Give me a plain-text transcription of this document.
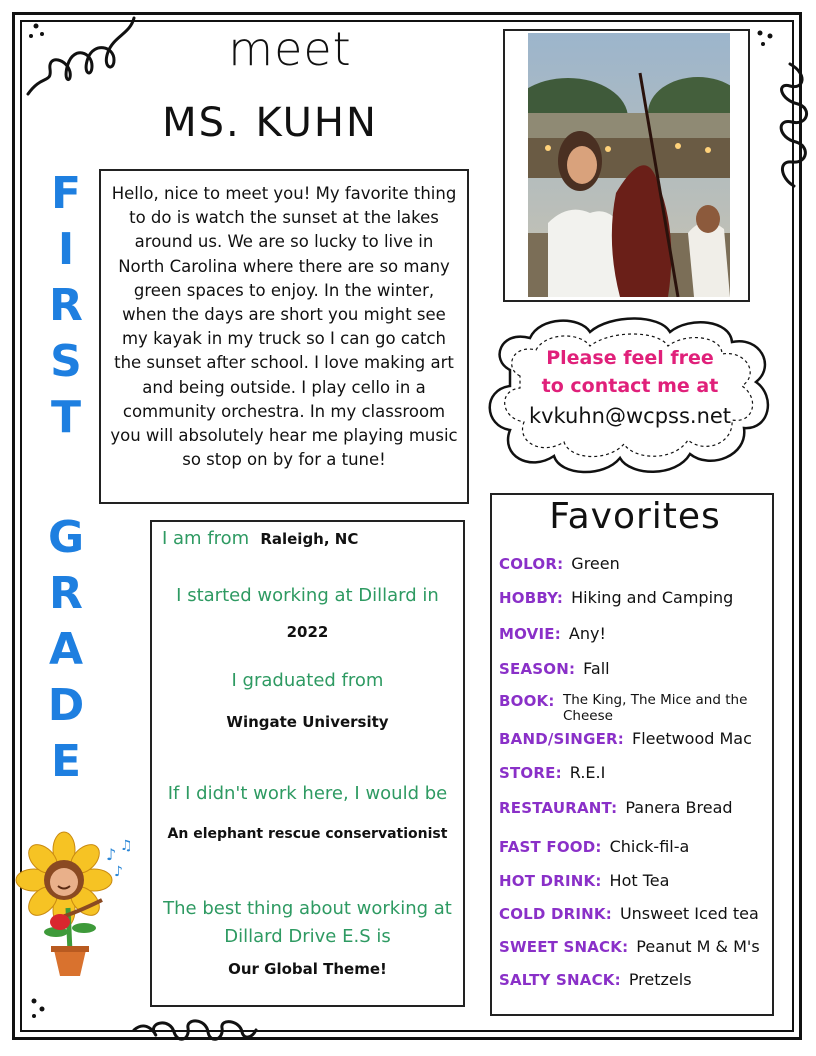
meet
MS. KUHN
F
I
R
S
T
G
R
A
D
E
Hello, nice to meet you! My favorite thing to do is watch the sunset at the lakes around us. We are so lucky to live in North Carolina where there are so many green spaces to enjoy. In the winter, when the days are short you might see my kayak in my truck so I can go catch the sunset after school. I love making art and being outside. I play cello in a community orchestra. In my classroom you will absolutely hear me playing music so stop on by for a tune!
Please feel free
to contact me at
kvkuhn@wcpss.net
I am from Raleigh, NC
I started working at Dillard in
2022
I graduated from
Wingate University
If I didn't work here, I would be
An elephant rescue conservationist
The best thing about working at
Dillard Drive E.S is
Our Global Theme!
♪ ♫
♪
Favorites
COLOR: Green
HOBBY: Hiking and Camping
MOVIE: Any!
SEASON: Fall
BOOK: The King, The Mice and the Cheese
BAND/SINGER: Fleetwood Mac
STORE: R.E.I
RESTAURANT: Panera Bread
FAST FOOD: Chick-fil-a
HOT DRINK: Hot Tea
COLD DRINK: Unsweet Iced tea
SWEET SNACK: Peanut M & M's
SALTY SNACK: Pretzels
